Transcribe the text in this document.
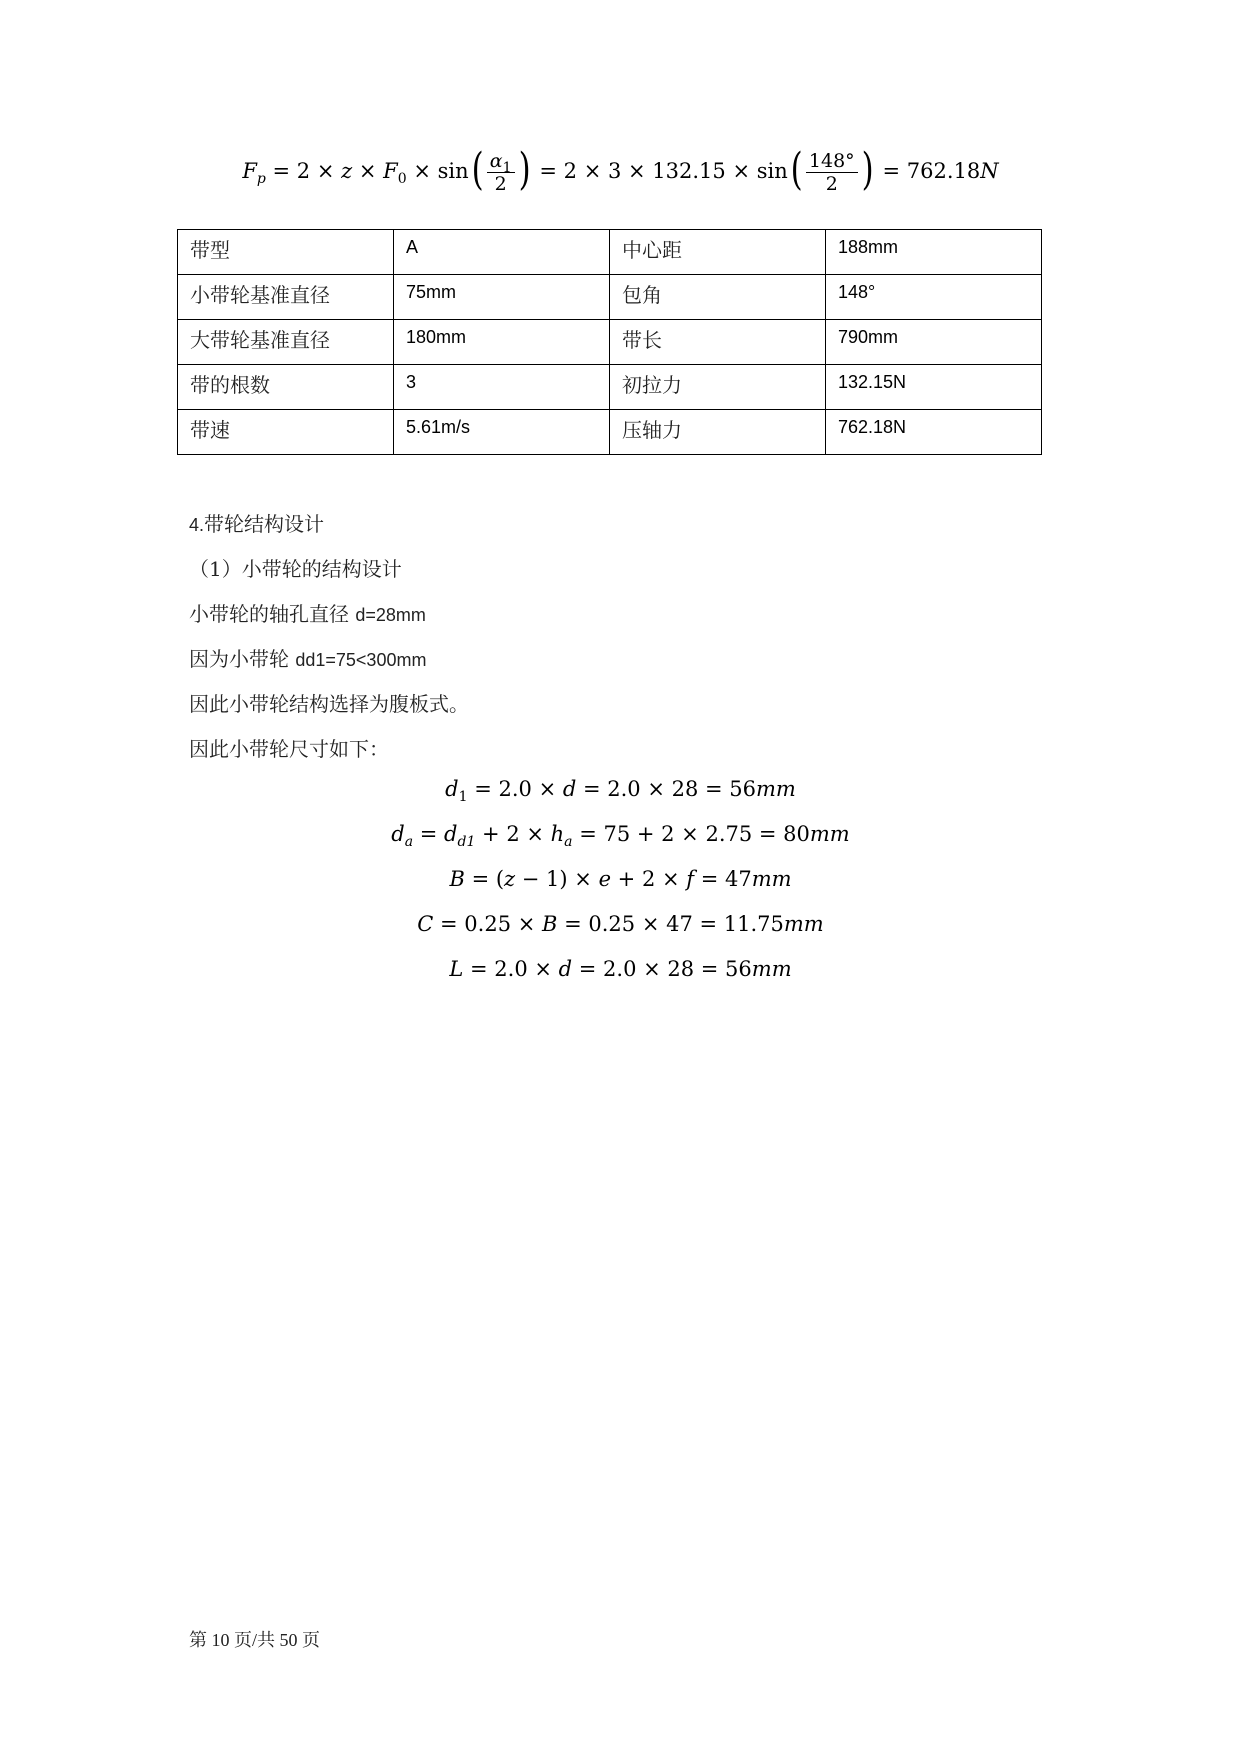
$F_p = 2 \times z \times F_0 \times \sin( \frac{\alpha_1}{2}$ ) = $2 \times 3 \times 132.15 \times \sin( \frac{148^\circ}{2}$ ) = 762.18N
带型	A	中心距	188mm
小带轮基准直径	75mm	包角	148°
大带轮基准直径	180mm	带长	790mm
带的根数	3	初拉力	132.15N
带速	5.61m/s	压轴力	762.18N
4.带轮结构设计
（1）小带轮的结构设计
小带轮的轴孔直径 d=28mm
因为小带轮 dd1=75<300mm
因此小带轮结构选择为腹板式。
因此小带轮尺寸如下：
$d_1 = 2.0 \times d = 2.0 \times 28 = 56mm$
$d_a = d_{d1} + 2 \times h_a = 75 + 2 \times 2.75 = 80mm$
B = (z − 1) × e + 2 × f = 47mm
C = 0.25 × B = 0.25 × 47 = 11.75mm
L = 2.0 × d = 2.0 × 28 = 56mm
第 10 页/共 50 页
